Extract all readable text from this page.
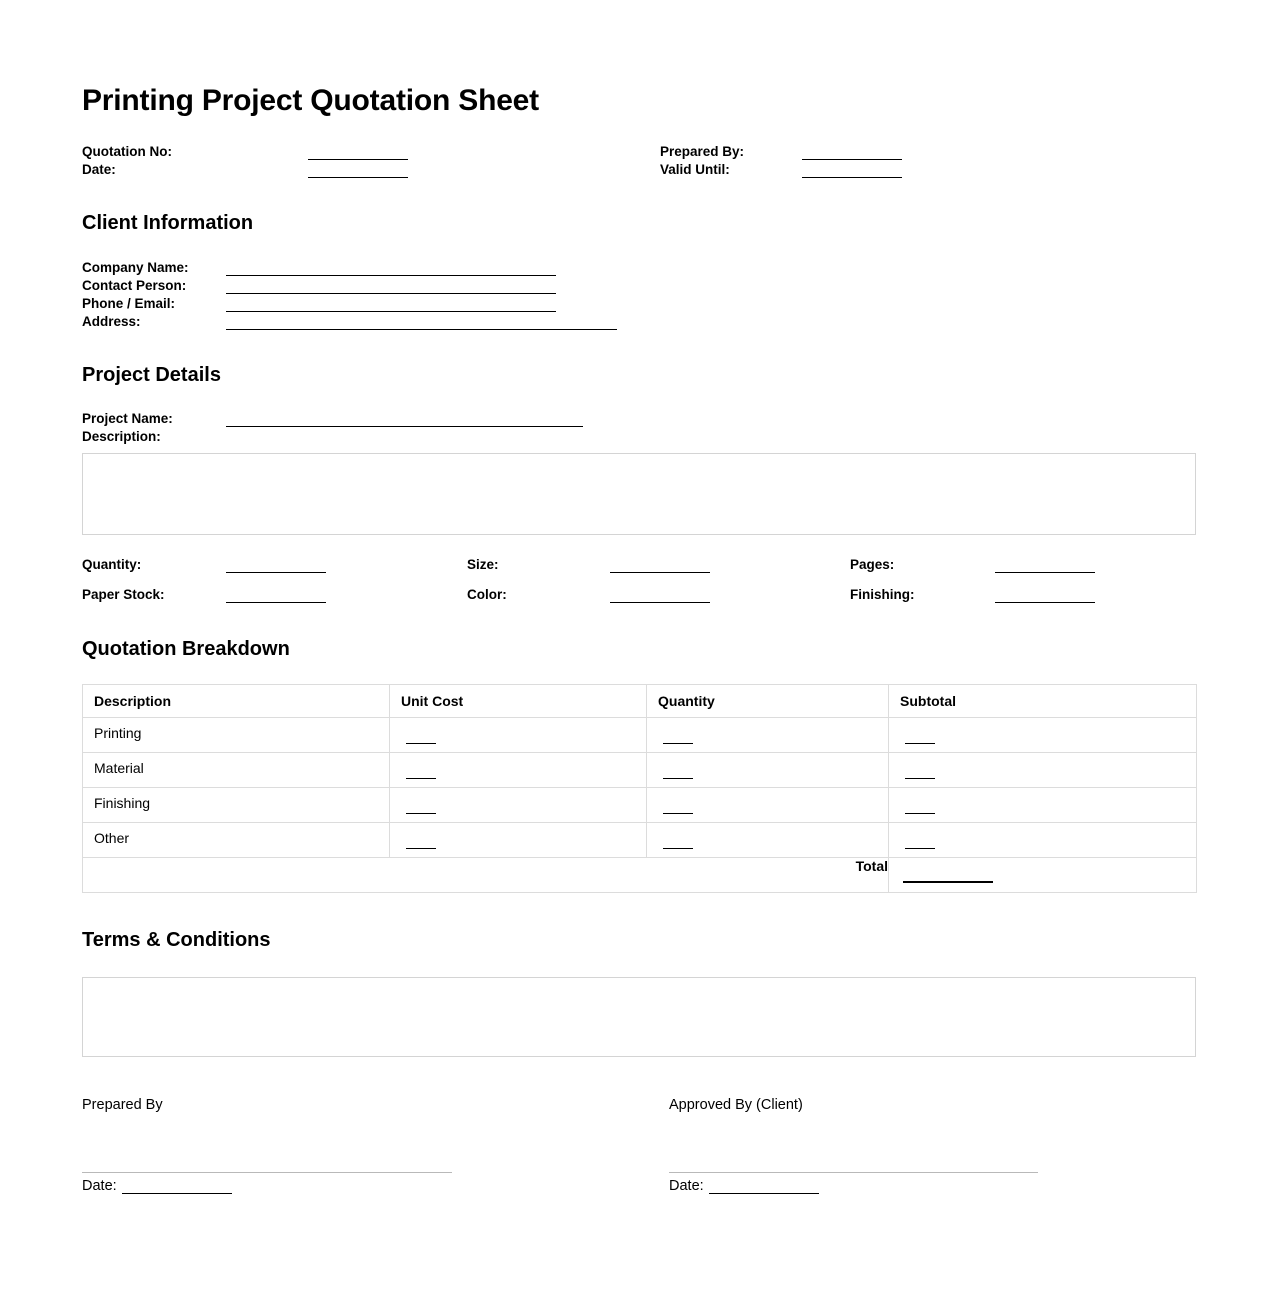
Printing Project Quotation Sheet
Quotation No:
Date:
Prepared By:
Valid Until:
Client Information
Company Name:
Contact Person:
Phone / Email:
Address:
Project Details
Project Name:
Description:
Quantity:	Size:	Pages:
Paper Stock:	Color:	Finishing:
Quotation Breakdown
Description	Unit Cost	Quantity	Subtotal

Printing			

Material			

Finishing			

Other			

Total			
Terms & Conditions
Prepared By
Date:
Approved By (Client)
Date:
